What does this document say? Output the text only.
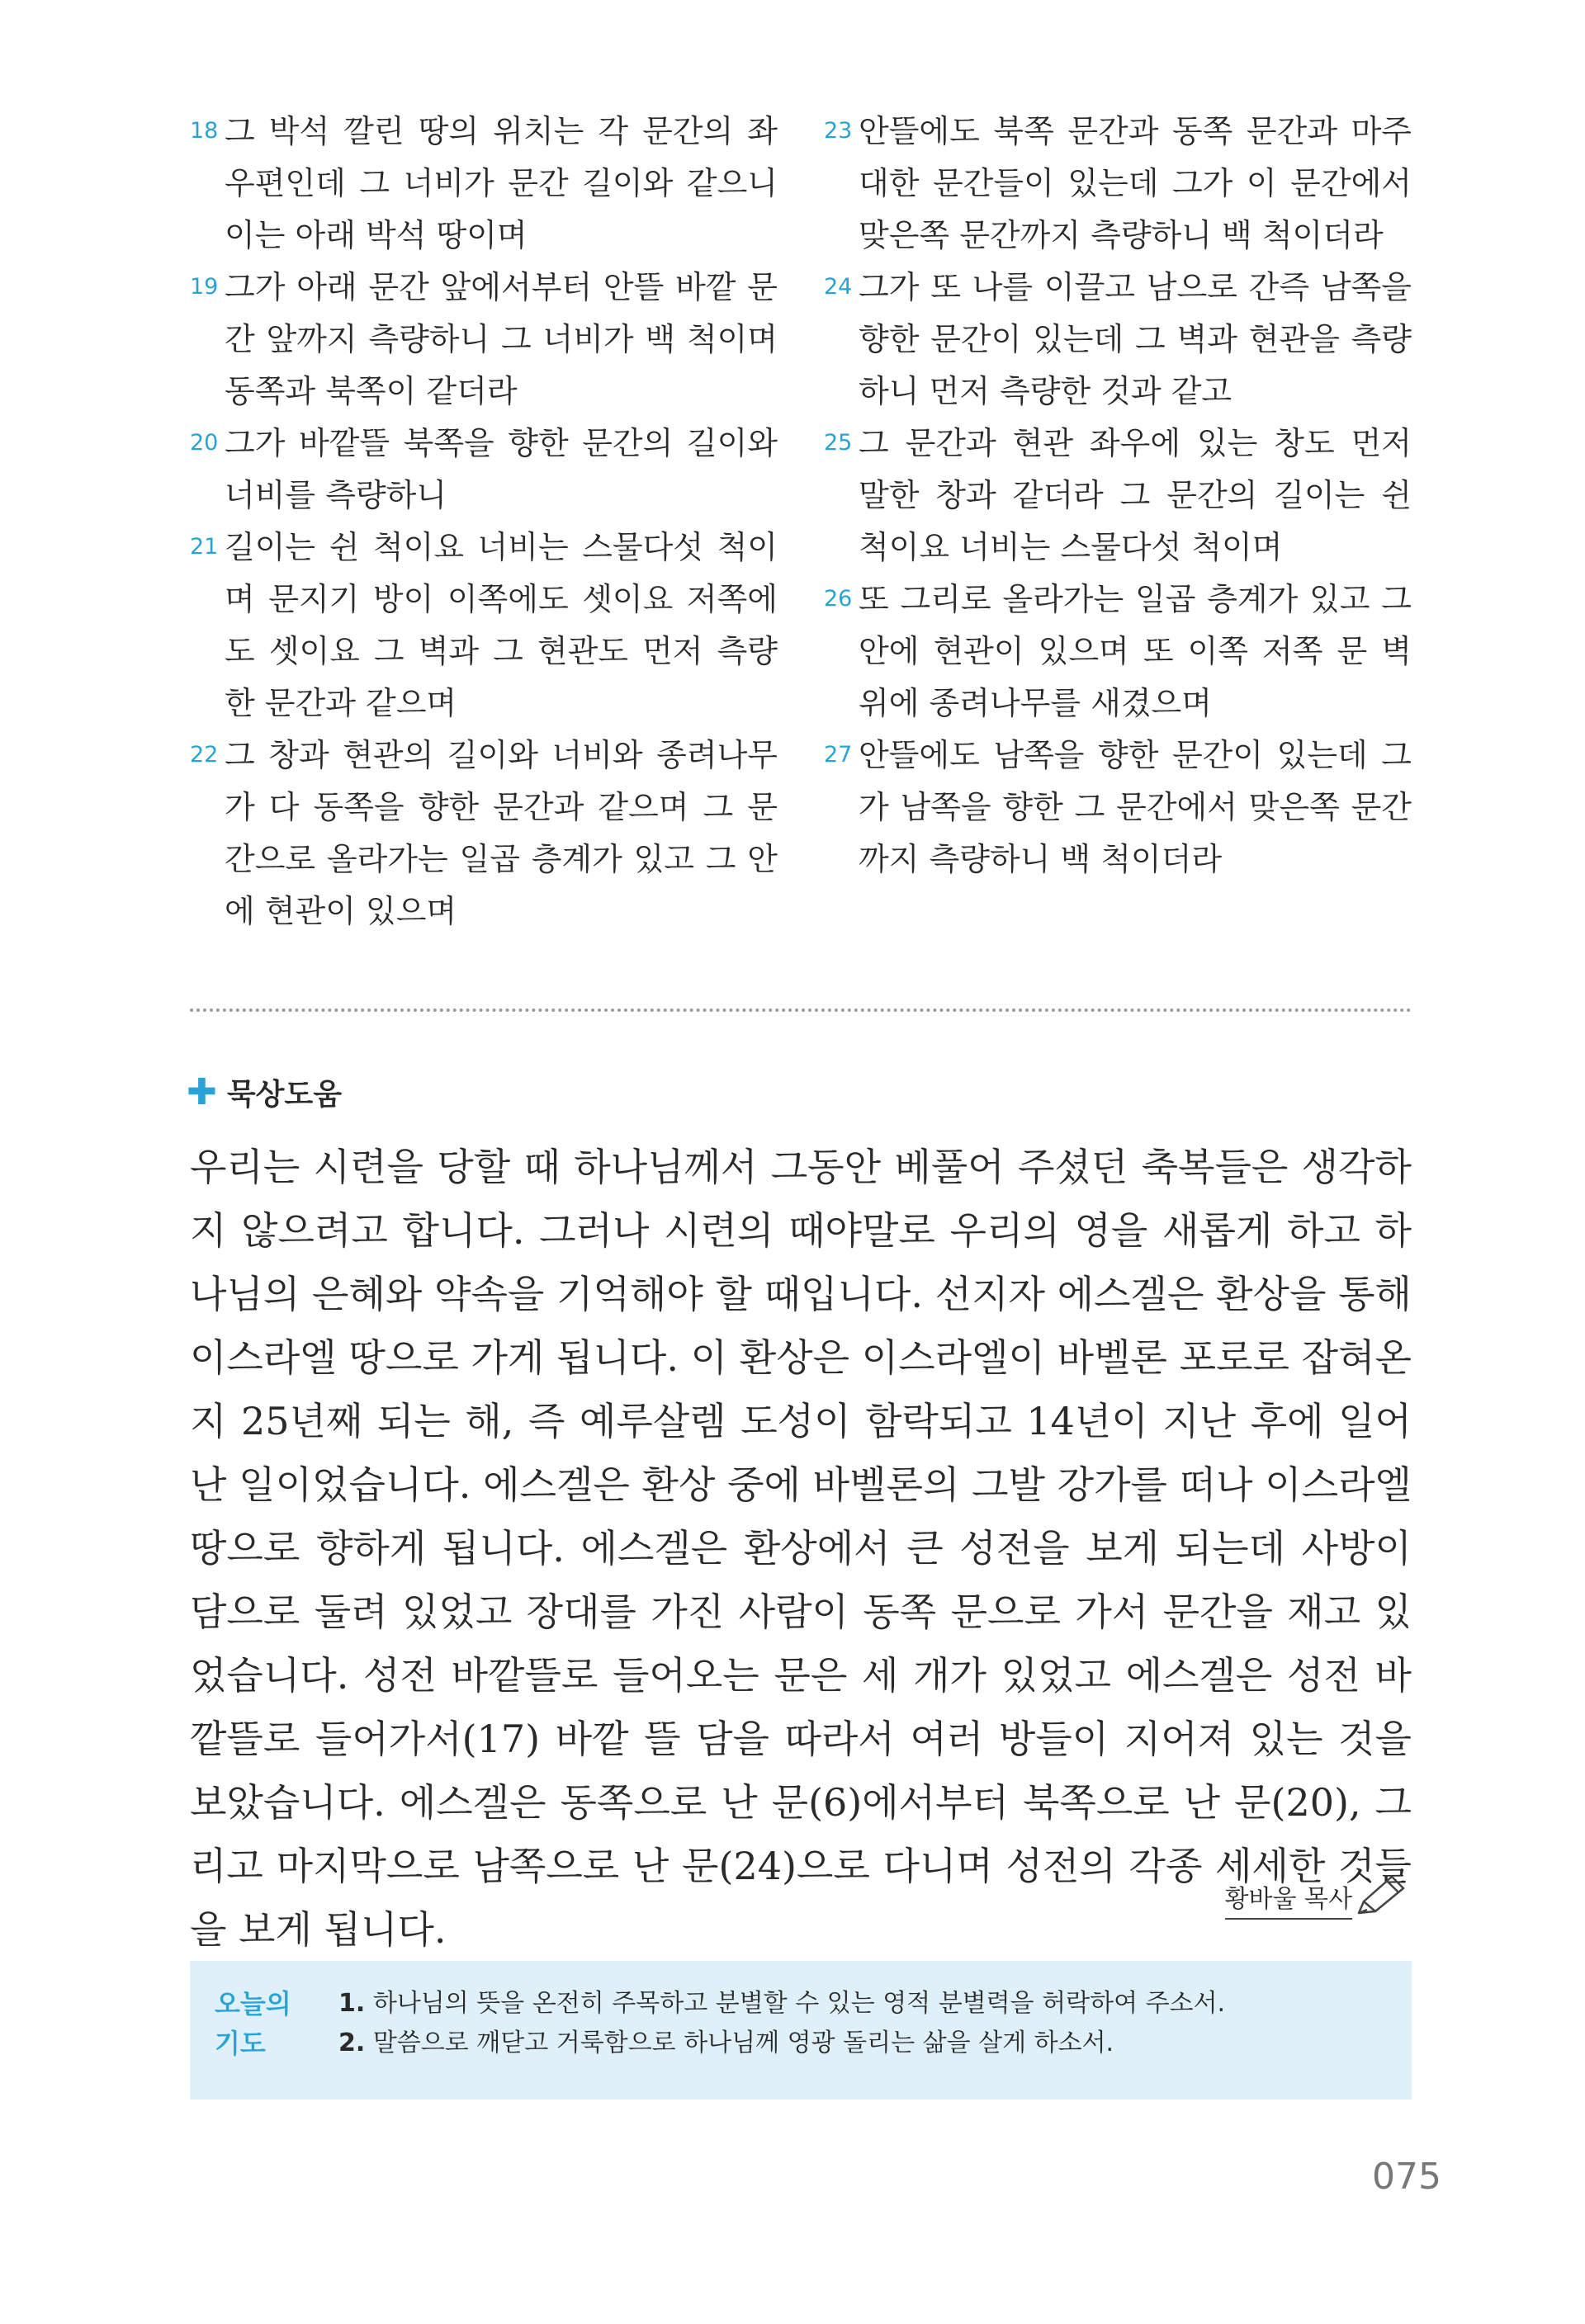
18 그 박석 깔린 땅의 위치는 각 문간의 좌우편인데 그 너비가 문간 길이와 같으니 이는 아래 박석 땅이며
19 그가 아래 문간 앞에서부터 안뜰 바깥 문간 앞까지 측량하니 그 너비가 백 척이며 동쪽과 북쪽이 같더라
20 그가 바깥뜰 북쪽을 향한 문간의 길이와 너비를 측량하니
21 길이는 쉰 척이요 너비는 스물다섯 척이며 문지기 방이 이쪽에도 셋이요 저쪽에도 셋이요 그 벽과 그 현관도 먼저 측량한 문간과 같으며
22 그 창과 현관의 길이와 너비와 종려나무가 다 동쪽을 향한 문간과 같으며 그 문간으로 올라가는 일곱 층계가 있고 그 안에 현관이 있으며
23 안뜰에도 북쪽 문간과 동쪽 문간과 마주 대한 문간들이 있는데 그가 이 문간에서 맞은쪽 문간까지 측량하니 백 척이더라
24 그가 또 나를 이끌고 남으로 간즉 남쪽을 향한 문간이 있는데 그 벽과 현관을 측량하니 먼저 측량한 것과 같고
25 그 문간과 현관 좌우에 있는 창도 먼저 말한 창과 같더라 그 문간의 길이는 쉰 척이요 너비는 스물다섯 척이며
26 또 그리로 올라가는 일곱 층계가 있고 그 안에 현관이 있으며 또 이쪽 저쪽 문 벽 위에 종려나무를 새겼으며
27 안뜰에도 남쪽을 향한 문간이 있는데 그가 남쪽을 향한 그 문간에서 맞은쪽 문간까지 측량하니 백 척이더라
✚ 묵상도움
우리는 시련을 당할 때 하나님께서 그동안 베풀어 주셨던 축복들은 생각하지 않으려고 합니다. 그러나 시련의 때야말로 우리의 영을 새롭게 하고 하나님의 은혜와 약속을 기억해야 할 때입니다. 선지자 에스겔은 환상을 통해 이스라엘 땅으로 가게 됩니다. 이 환상은 이스라엘이 바벨론 포로로 잡혀온 지 25년째 되는 해, 즉 예루살렘 도성이 함락되고 14년이 지난 후에 일어난 일이었습니다. 에스겔은 환상 중에 바벨론의 그발 강가를 떠나 이스라엘 땅으로 향하게 됩니다. 에스겔은 환상에서 큰 성전을 보게 되는데 사방이 담으로 둘려 있었고 장대를 가진 사람이 동쪽 문으로 가서 문간을 재고 있었습니다. 성전 바깥뜰로 들어오는 문은 세 개가 있었고 에스겔은 성전 바깥뜰로 들어가서(17) 바깥 뜰 담을 따라서 여러 방들이 지어져 있는 것을 보았습니다. 에스겔은 동쪽으로 난 문(6)에서부터 북쪽으로 난 문(20), 그리고 마지막으로 남쪽으로 난 문(24)으로 다니며 성전의 각종 세세한 것들을 보게 됩니다.
황바울 목사
오늘의
기도
1. 하나님의 뜻을 온전히 주목하고 분별할 수 있는 영적 분별력을 허락하여 주소서.
2. 말씀으로 깨닫고 거룩함으로 하나님께 영광 돌리는 삶을 살게 하소서.
075
